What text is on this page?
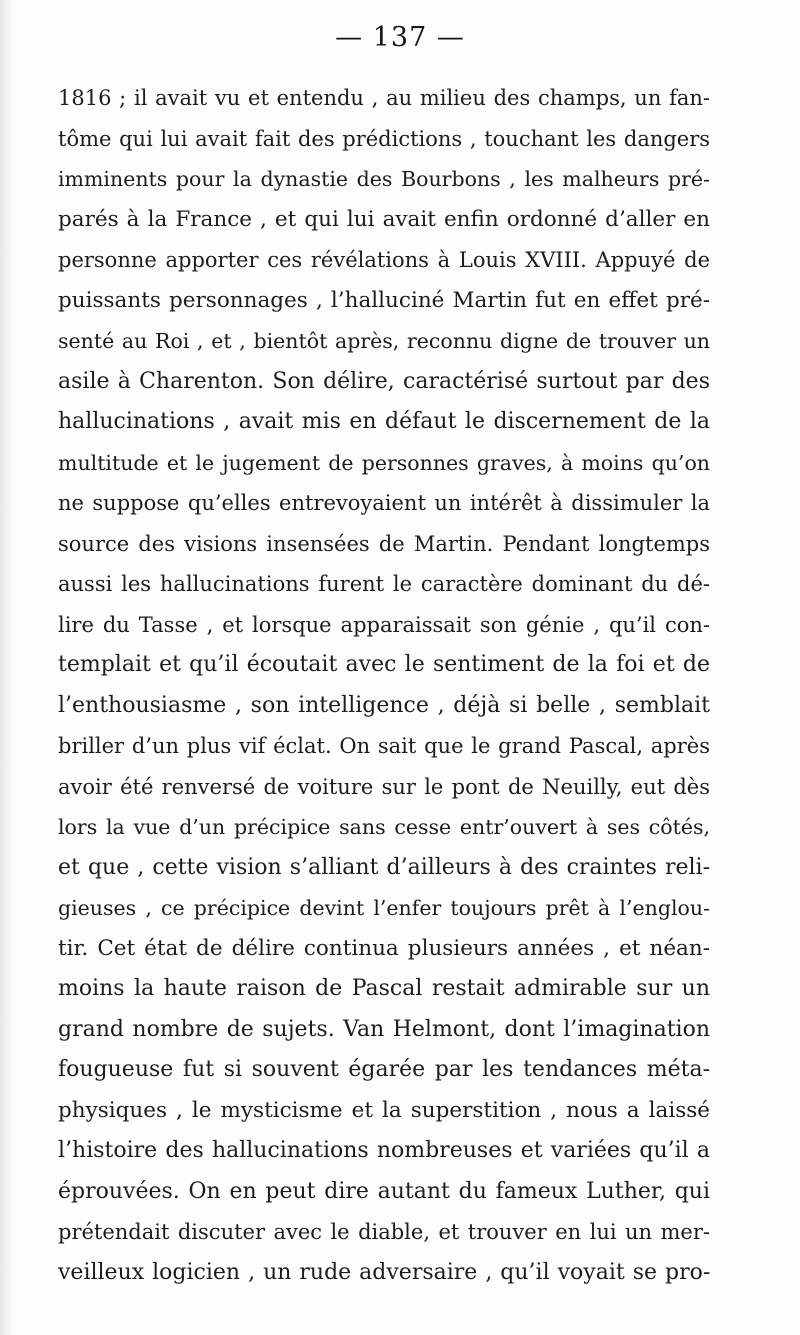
— 137 —
1816 ; il avait vu et entendu , au milieu des champs, un fan-
tôme qui lui avait fait des prédictions , touchant les dangers
imminents pour la dynastie des Bourbons , les malheurs pré-
parés à la France , et qui lui avait enfin ordonné d’aller en
personne apporter ces révélations à Louis XVIII. Appuyé de
puissants personnages , l’halluciné Martin fut en effet pré-
senté au Roi , et , bientôt après, reconnu digne de trouver un
asile à Charenton. Son délire, caractérisé surtout par des
hallucinations , avait mis en défaut le discernement de la
multitude et le jugement de personnes graves, à moins qu’on
ne suppose qu’elles entrevoyaient un intérêt à dissimuler la
source des visions insensées de Martin. Pendant longtemps
aussi les hallucinations furent le caractère dominant du dé-
lire du Tasse , et lorsque apparaissait son génie , qu’il con-
templait et qu’il écoutait avec le sentiment de la foi et de
l’enthousiasme , son intelligence , déjà si belle , semblait
briller d’un plus vif éclat. On sait que le grand Pascal, après
avoir été renversé de voiture sur le pont de Neuilly, eut dès
lors la vue d’un précipice sans cesse entr’ouvert à ses côtés,
et que , cette vision s’alliant d’ailleurs à des craintes reli-
gieuses , ce précipice devint l’enfer toujours prêt à l’englou-
tir. Cet état de délire continua plusieurs années , et néan-
moins la haute raison de Pascal restait admirable sur un
grand nombre de sujets. Van Helmont, dont l’imagination
fougueuse fut si souvent égarée par les tendances méta-
physiques , le mysticisme et la superstition , nous a laissé
l’histoire des hallucinations nombreuses et variées qu’il a
éprouvées. On en peut dire autant du fameux Luther, qui
prétendait discuter avec le diable, et trouver en lui un mer-
veilleux logicien , un rude adversaire , qu’il voyait se pro-
